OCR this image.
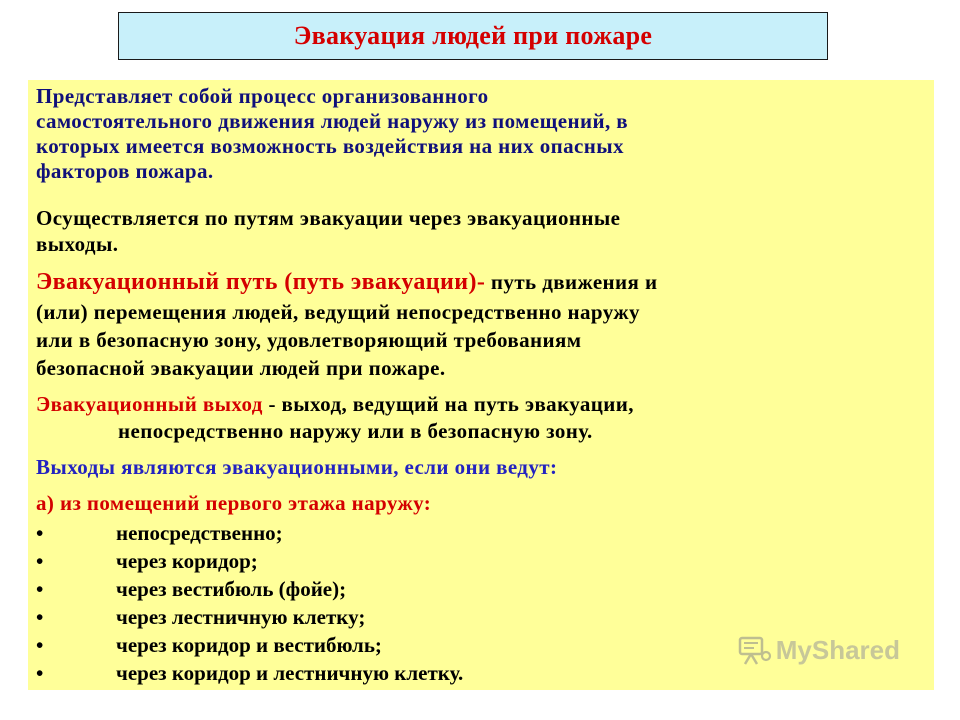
Эвакуация людей при пожаре
Представляет собой процесс организованного
самостоятельного движения людей наружу из помещений, в
которых имеется возможность воздействия на них опасных
факторов пожара.
Осуществляется по путям эвакуации через эвакуационные
выходы.
Эвакуационный путь (путь эвакуации)- путь движения и
(или) перемещения людей, ведущий непосредственно наружу
или в безопасную зону, удовлетворяющий требованиям
безопасной эвакуации людей при пожаре.
Эвакуационный выход - выход, ведущий на путь эвакуации,
непосредственно наружу или в безопасную зону.
Выходы являются эвакуационными, если они ведут:
а) из помещений первого этажа наружу:
•	непосредственно;
•	через коридор;
•	через вестибюль (фойе);
•	через лестничную клетку;
•	через коридор и вестибюль;
•	через коридор и лестничную клетку.
MyShared
